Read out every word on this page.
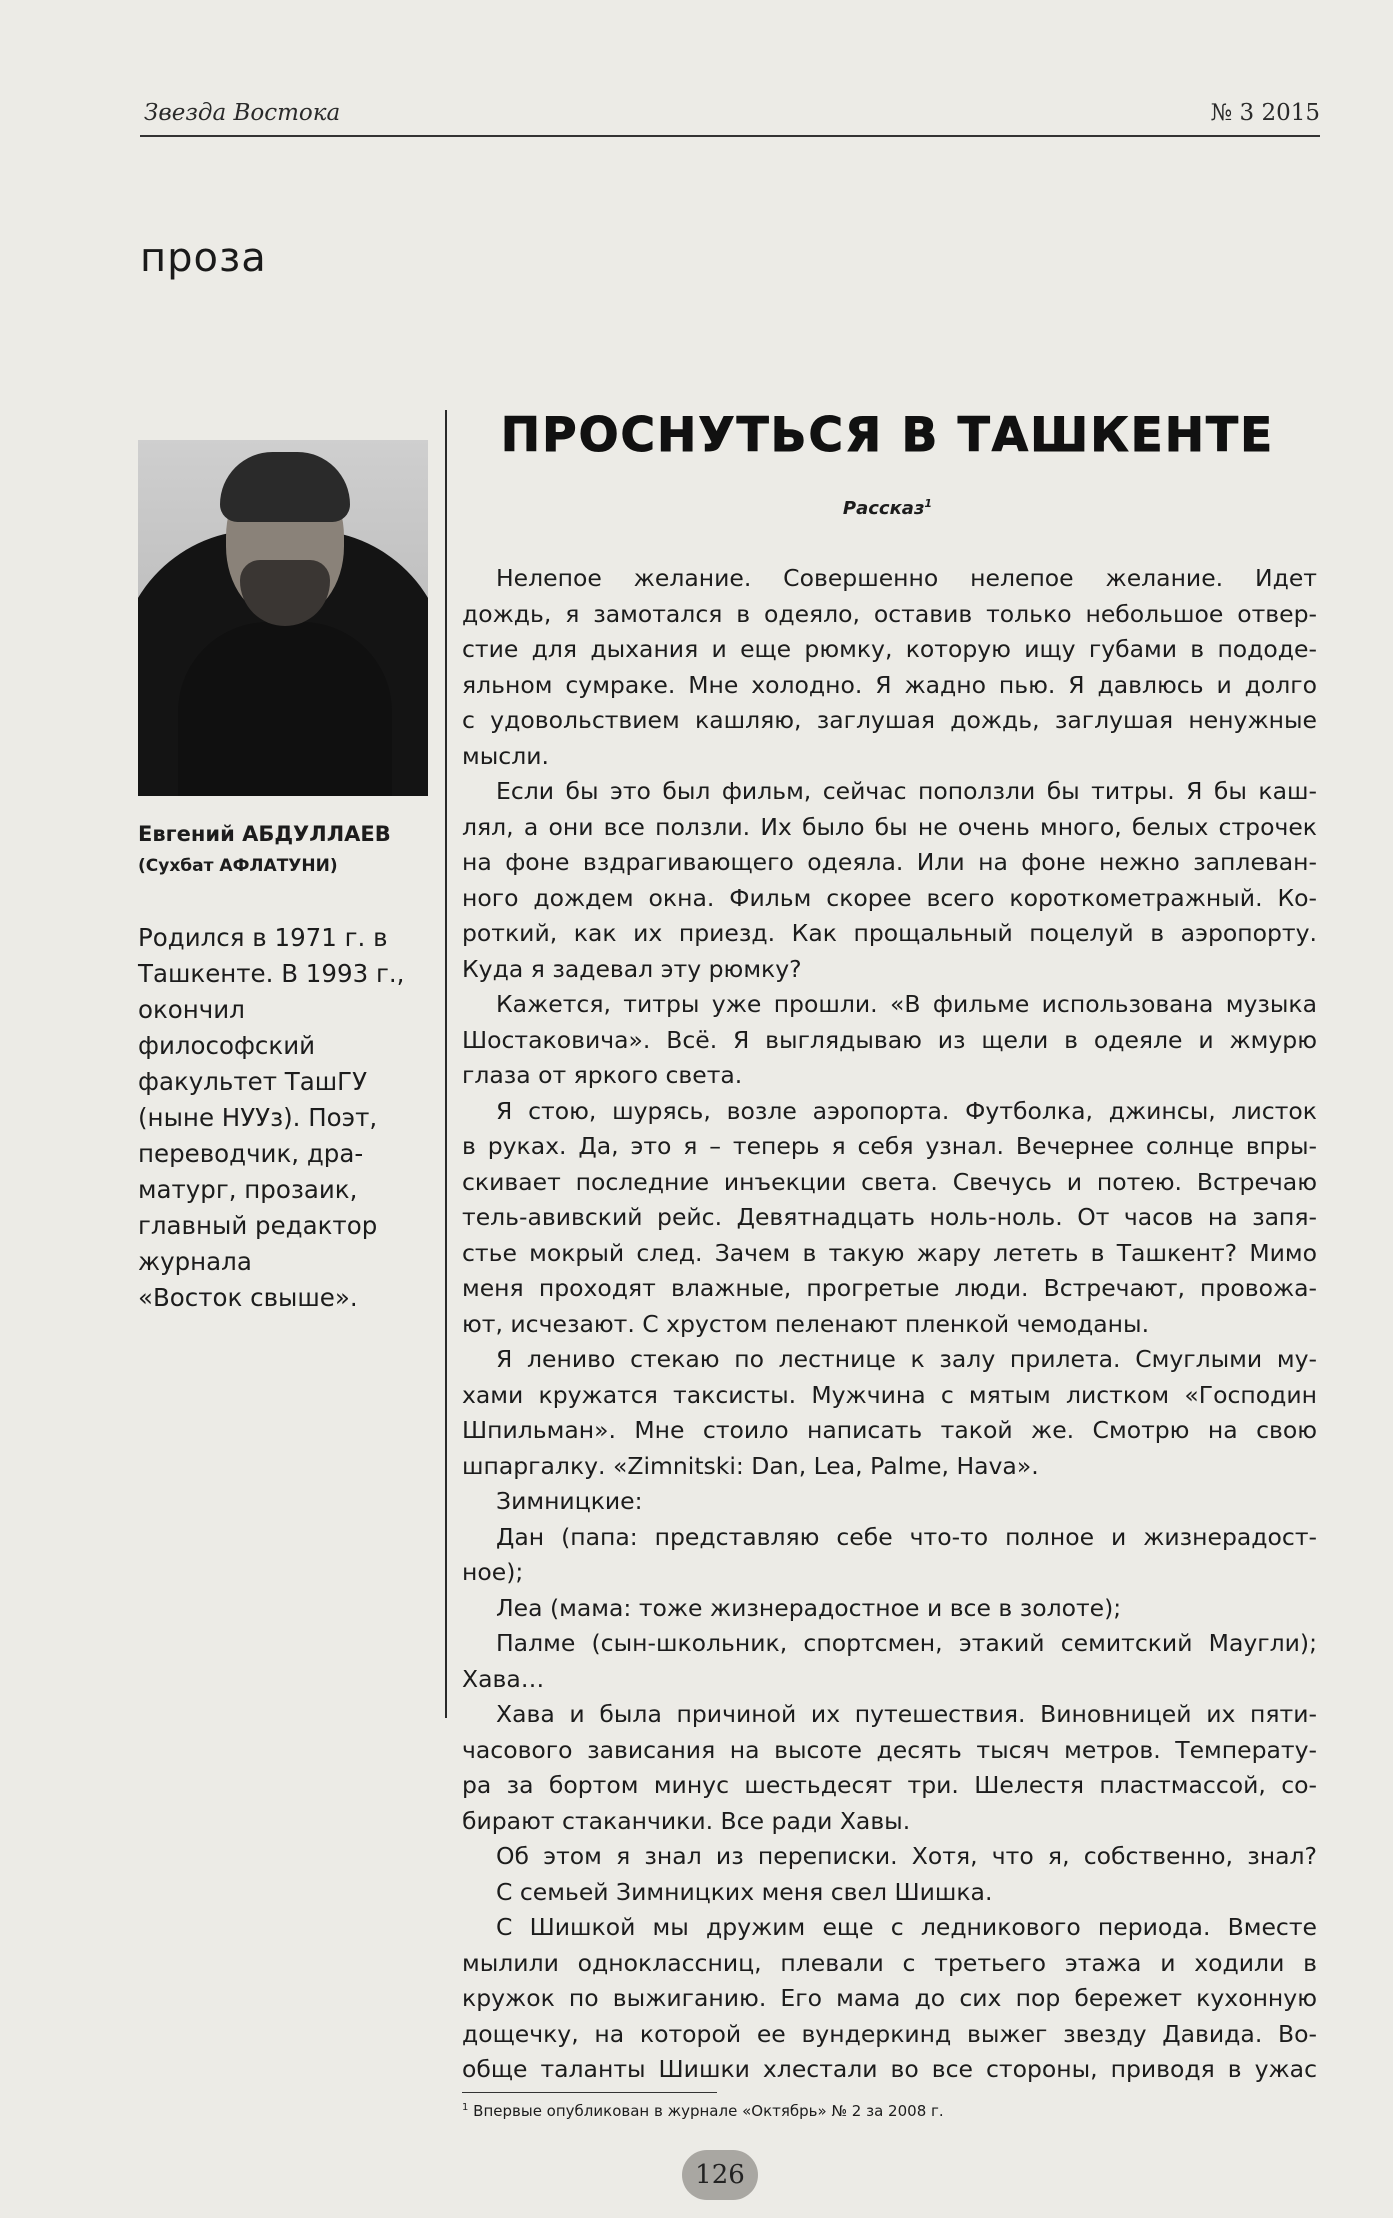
Звезда Востока	№ 3 2015
проза
Евгений АБДУЛЛАЕВ
(Сухбат АФЛАТУНИ)
Родился в 1971 г. в
Ташкенте. В 1993 г.,
окончил
философский
факультет ТашГУ
(ныне НУУз). Поэт,
переводчик, дра-
матург, прозаик,
главный редактор
журнала
«Восток свыше».
ПРОСНУТЬСЯ В ТАШКЕНТЕ
Рассказ$^1$
Нелепое желание. Совершенно нелепое желание. Идет
дождь, я замотался в одеяло, оставив только небольшое отвер-
стие для дыхания и еще рюмку, которую ищу губами в пододе-
яльном сумраке. Мне холодно. Я жадно пью. Я давлюсь и долго
с удовольствием кашляю, заглушая дождь, заглушая ненужные
мысли.
Если бы это был фильм, сейчас поползли бы титры. Я бы каш-
лял, а они все ползли. Их было бы не очень много, белых строчек
на фоне вздрагивающего одеяла. Или на фоне нежно заплеван-
ного дождем окна. Фильм скорее всего короткометражный. Ко-
роткий, как их приезд. Как прощальный поцелуй в аэропорту.
Куда я задевал эту рюмку?
Кажется, титры уже прошли. «В фильме использована музыка
Шостаковича». Всё. Я выглядываю из щели в одеяле и жмурю
глаза от яркого света.
Я стою, шурясь, возле аэропорта. Футболка, джинсы, листок
в руках. Да, это я – теперь я себя узнал. Вечернее солнце впры-
скивает последние инъекции света. Свечусь и потею. Встречаю
тель-авивский рейс. Девятнадцать ноль-ноль. От часов на запя-
стье мокрый след. Зачем в такую жару лететь в Ташкент? Мимо
меня проходят влажные, прогретые люди. Встречают, провожа-
ют, исчезают. С хрустом пеленают пленкой чемоданы.
Я лениво стекаю по лестнице к залу прилета. Смуглыми му-
хами кружатся таксисты. Мужчина с мятым листком «Господин
Шпильман». Мне стоило написать такой же. Смотрю на свою
шпаргалку. «Zimnitski: Dan, Lea, Palme, Hava».
Зимницкие:
Дан (папа: представляю себе что-то полное и жизнерадост-
ное);
Леа (мама: тоже жизнерадостное и все в золоте);
Палме (сын-школьник, спортсмен, этакий семитский Маугли);
Хава…
Хава и была причиной их путешествия. Виновницей их пяти-
часового зависания на высоте десять тысяч метров. Температу-
ра за бортом минус шестьдесят три. Шелестя пластмассой, со-
бирают стаканчики. Все ради Хавы.
Об этом я знал из переписки. Хотя, что я, собственно, знал?
С семьей Зимницких меня свел Шишка.
С Шишкой мы дружим еще с ледникового периода. Вместе
мылили одноклассниц, плевали с третьего этажа и ходили в
кружок по выжиганию. Его мама до сих пор бережет кухонную
дощечку, на которой ее вундеркинд выжег звезду Давида. Во-
обще таланты Шишки хлестали во все стороны, приводя в ужас
$^1$ Впервые опубликован в журнале «Октябрь» № 2 за 2008 г.
126
